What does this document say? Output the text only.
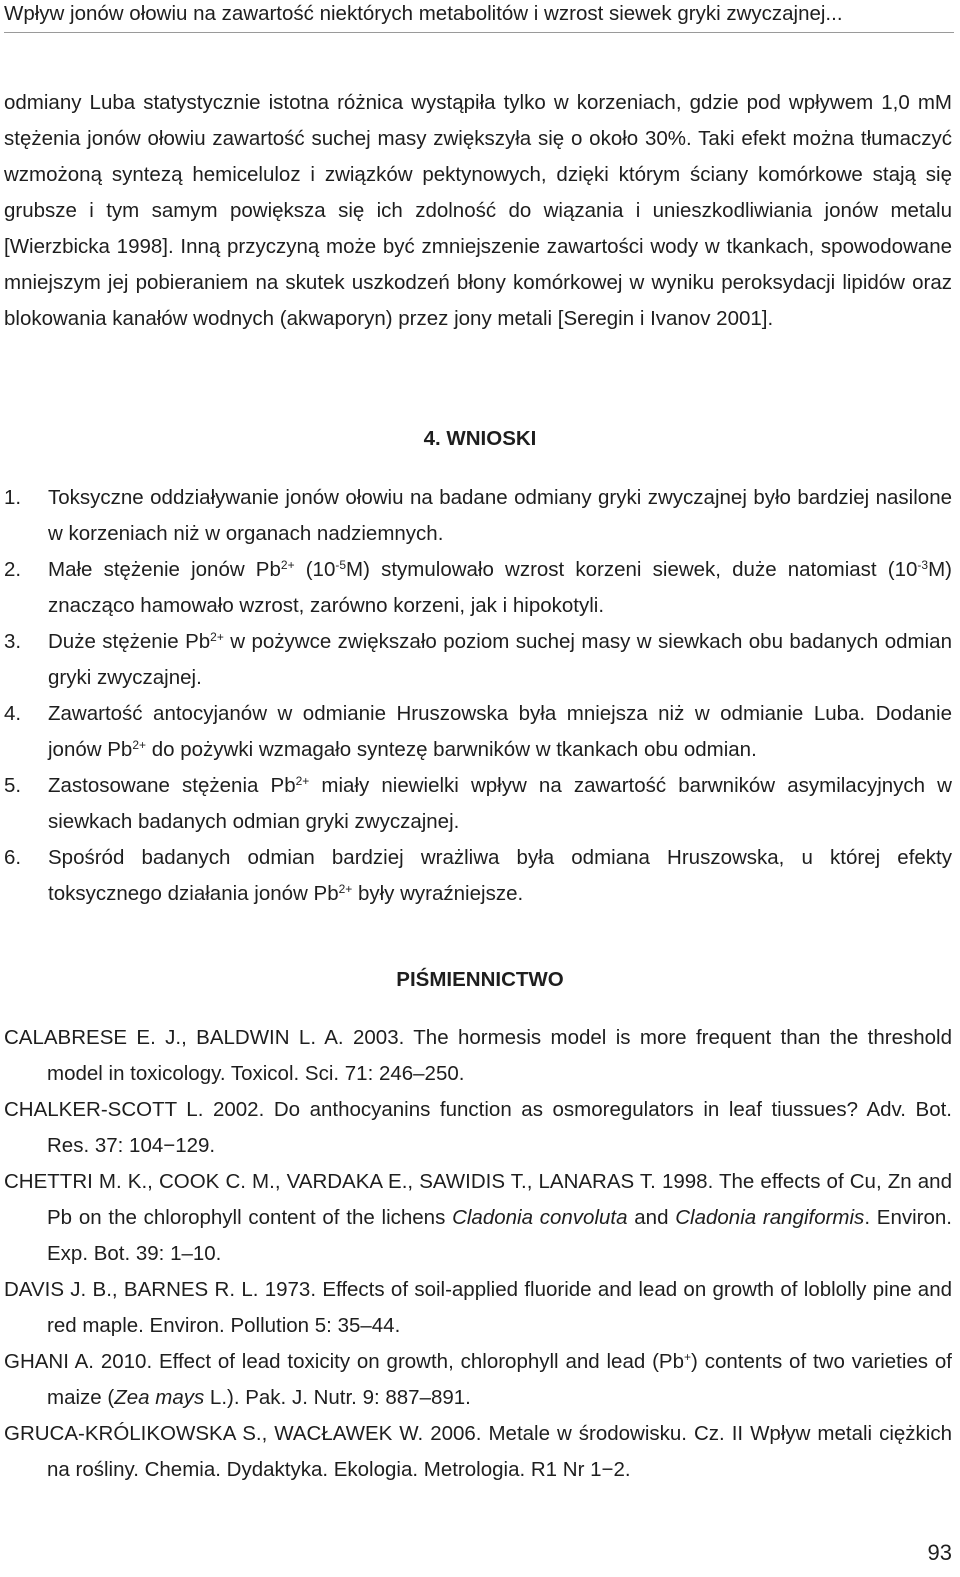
Wpływ jonów ołowiu na zawartość niektórych metabolitów i wzrost siewek gryki zwyczajnej...
odmiany Luba statystycznie istotna różnica wystąpiła tylko w korzeniach, gdzie pod wpływem 1,0 mM stężenia jonów ołowiu zawartość suchej masy zwiększyła się o około 30%. Taki efekt można tłumaczyć wzmożoną syntezą hemiceluloz i związków pektynowych, dzięki którym ściany komórkowe stają się grubsze i tym samym powiększa się ich zdolność do wiązania i unieszkodliwiania jonów metalu [Wierzbicka 1998]. Inną przyczyną może być zmniejszenie zawartości wody w tkankach, spowodowane mniejszym jej pobieraniem na skutek uszkodzeń błony komórkowej w wyniku peroksydacji lipidów oraz blokowania kanałów wodnych (akwaporyn) przez jony metali [Seregin i Ivanov 2001].
4. WNIOSKI
1. Toksyczne oddziaływanie jonów ołowiu na badane odmiany gryki zwyczajnej było bardziej nasilone w korzeniach niż w organach nadziemnych.
2. Małe stężenie jonów $Pb^{2+}$ $(10^{-5}M)$ stymulowało wzrost korzeni siewek, duże natomiast $(10^{-3}M)$ znacząco hamowało wzrost, zarówno korzeni, jak i hipokotyli.
3. Duże stężenie $Pb^{2+}$ w pożywce zwiększało poziom suchej masy w siewkach obu badanych odmian gryki zwyczajnej.
4. Zawartość antocyjanów w odmianie Hruszowska była mniejsza niż w odmianie Luba. Dodanie jonów $Pb^{2+}$ do pożywki wzmagało syntezę barwników w tkankach obu odmian.
5. Zastosowane stężenia $Pb^{2+}$ miały niewielki wpływ na zawartość barwników asymilacyjnych w siewkach badanych odmian gryki zwyczajnej.
6. Spośród badanych odmian bardziej wrażliwa była odmiana Hruszowska, u której efekty toksycznego działania jonów $Pb^{2+}$ były wyraźniejsze.
PIŚMIENNICTWO
CALABRESE E. J., BALDWIN L. A. 2003. The hormesis model is more frequent than the threshold model in toxicology. Toxicol. Sci. 71: 246–250.
CHALKER-SCOTT L. 2002. Do anthocyanins function as osmoregulators in leaf tiussues? Adv. Bot. Res. 37: 104−129.
CHETTRI M. K., COOK C. M., VARDAKA E., SAWIDIS T., LANARAS T. 1998. The effects of Cu, Zn and Pb on the chlorophyll content of the lichens Cladonia convoluta and Cladonia rangiformis. Environ. Exp. Bot. 39: 1–10.
DAVIS J. B., BARNES R. L. 1973. Effects of soil-applied fluoride and lead on growth of loblolly pine and red maple. Environ. Pollution 5: 35–44.
GHANI A. 2010. Effect of lead toxicity on growth, chlorophyll and lead (Pb+) contents of two varieties of maize (Zea mays L.). Pak. J. Nutr. 9: 887–891.
GRUCA-KRÓLIKOWSKA S., WACŁAWEK W. 2006. Metale w środowisku. Cz. II Wpływ metali ciężkich na rośliny. Chemia. Dydaktyka. Ekologia. Metrologia. R1 Nr 1−2.
93
